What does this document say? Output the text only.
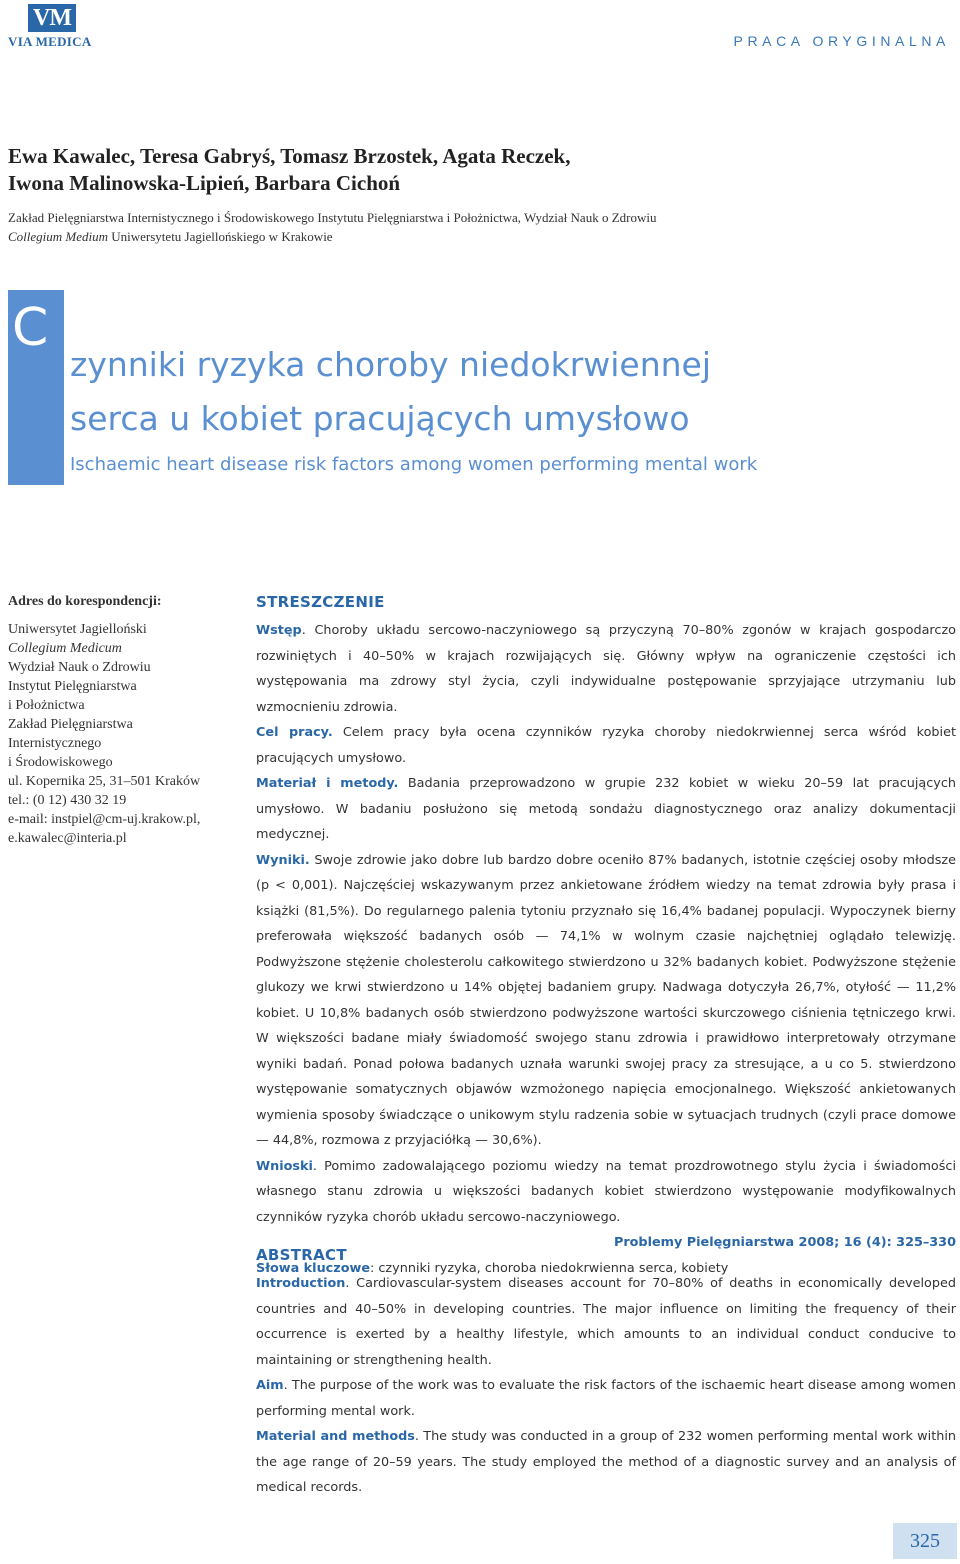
VM
VIA MEDICA	PRACA ORYGINALNA
Ewa Kawalec, Teresa Gabryś, Tomasz Brzostek, Agata Reczek,
Iwona Malinowska-Lipień, Barbara Cichoń
Zakład Pielęgniarstwa Internistycznego i Środowiskowego Instytutu Pielęgniarstwa i Położnictwa, Wydział Nauk o Zdrowiu
Collegium Medium Uniwersytetu Jagiellońskiego w Krakowie
C
zynniki ryzyka choroby niedokrwiennej
serca u kobiet pracujących umysłowo
Ischaemic heart disease risk factors among women performing mental work
Adres do korespondencji:
Uniwersytet Jagielloński
Collegium Medicum
Wydział Nauk o Zdrowiu
Instytut Pielęgniarstwa
i Położnictwa
Zakład Pielęgniarstwa
Internistycznego
i Środowiskowego
ul. Kopernika 25, 31–501 Kraków
tel.: (0 12) 430 32 19
e-mail: instpiel@cm-uj.krakow.pl,
e.kawalec@interia.pl
STRESZCZENIE

Wstęp. Choroby układu sercowo-naczyniowego są przyczyną 70–80% zgonów w krajach gospodarczo rozwiniętych i 40–50% w krajach rozwijających się. Główny wpływ na ograniczenie częstości ich występowania ma zdrowy styl życia, czyli indywidualne postępowanie sprzyjające utrzymaniu lub wzmocnieniu zdrowia.

Cel pracy. Celem pracy była ocena czynników ryzyka choroby niedokrwiennej serca wśród kobiet pracujących umysłowo.

Materiał i metody. Badania przeprowadzono w grupie 232 kobiet w wieku 20–59 lat pracujących umysłowo. W badaniu posłużono się metodą sondażu diagnostycznego oraz analizy dokumentacji medycznej.

Wyniki. Swoje zdrowie jako dobre lub bardzo dobre oceniło 87% badanych, istotnie częściej osoby młodsze (p < 0,001). Najczęściej wskazywanym przez ankietowane źródłem wiedzy na temat zdrowia były prasa i książki (81,5%). Do regularnego palenia tytoniu przyznało się 16,4% badanej populacji. Wypoczynek bierny preferowała większość badanych osób — 74,1% w wolnym czasie najchętniej oglądało telewizję. Podwyższone stężenie cholesterolu całkowitego stwierdzono u 32% badanych kobiet. Podwyższone stężenie glukozy we krwi stwierdzono u 14% objętej badaniem grupy. Nadwaga dotyczyła 26,7%, otyłość — 11,2% kobiet. U 10,8% badanych osób stwierdzono podwyższone wartości skurczowego ciśnienia tętniczego krwi. W większości badane miały świadomość swojego stanu zdrowia i prawidłowo interpretowały otrzymane wyniki badań. Ponad połowa badanych uznała warunki swojej pracy za stresujące, a u co 5. stwierdzono występowanie somatycznych objawów wzmożonego napięcia emocjonalnego. Większość ankietowanych wymienia sposoby świadczące o unikowym stylu radzenia sobie w sytuacjach trudnych (czyli prace domowe — 44,8%, rozmowa z przyjaciółką — 30,6%).

Wnioski. Pomimo zadowalającego poziomu wiedzy na temat prozdrowotnego stylu życia i świadomości własnego stanu zdrowia u większości badanych kobiet stwierdzono występowanie modyfikowalnych czynników ryzyka chorób układu sercowo-naczyniowego.

Problemy Pielęgniarstwa 2008; 16 (4): 325–330

Słowa kluczowe: czynniki ryzyka, choroba niedokrwienna serca, kobiety

ABSTRACT

Introduction. Cardiovascular-system diseases account for 70–80% of deaths in economically developed countries and 40–50% in developing countries. The major influence on limiting the frequency of their occurrence is exerted by a healthy lifestyle, which amounts to an individual conduct conducive to maintaining or strengthening health.

Aim. The purpose of the work was to evaluate the risk factors of the ischaemic heart disease among women performing mental work.

Material and methods. The study was conducted in a group of 232 women performing mental work within the age range of 20–59 years. The study employed the method of a diagnostic survey and an analysis of medical records.

325
